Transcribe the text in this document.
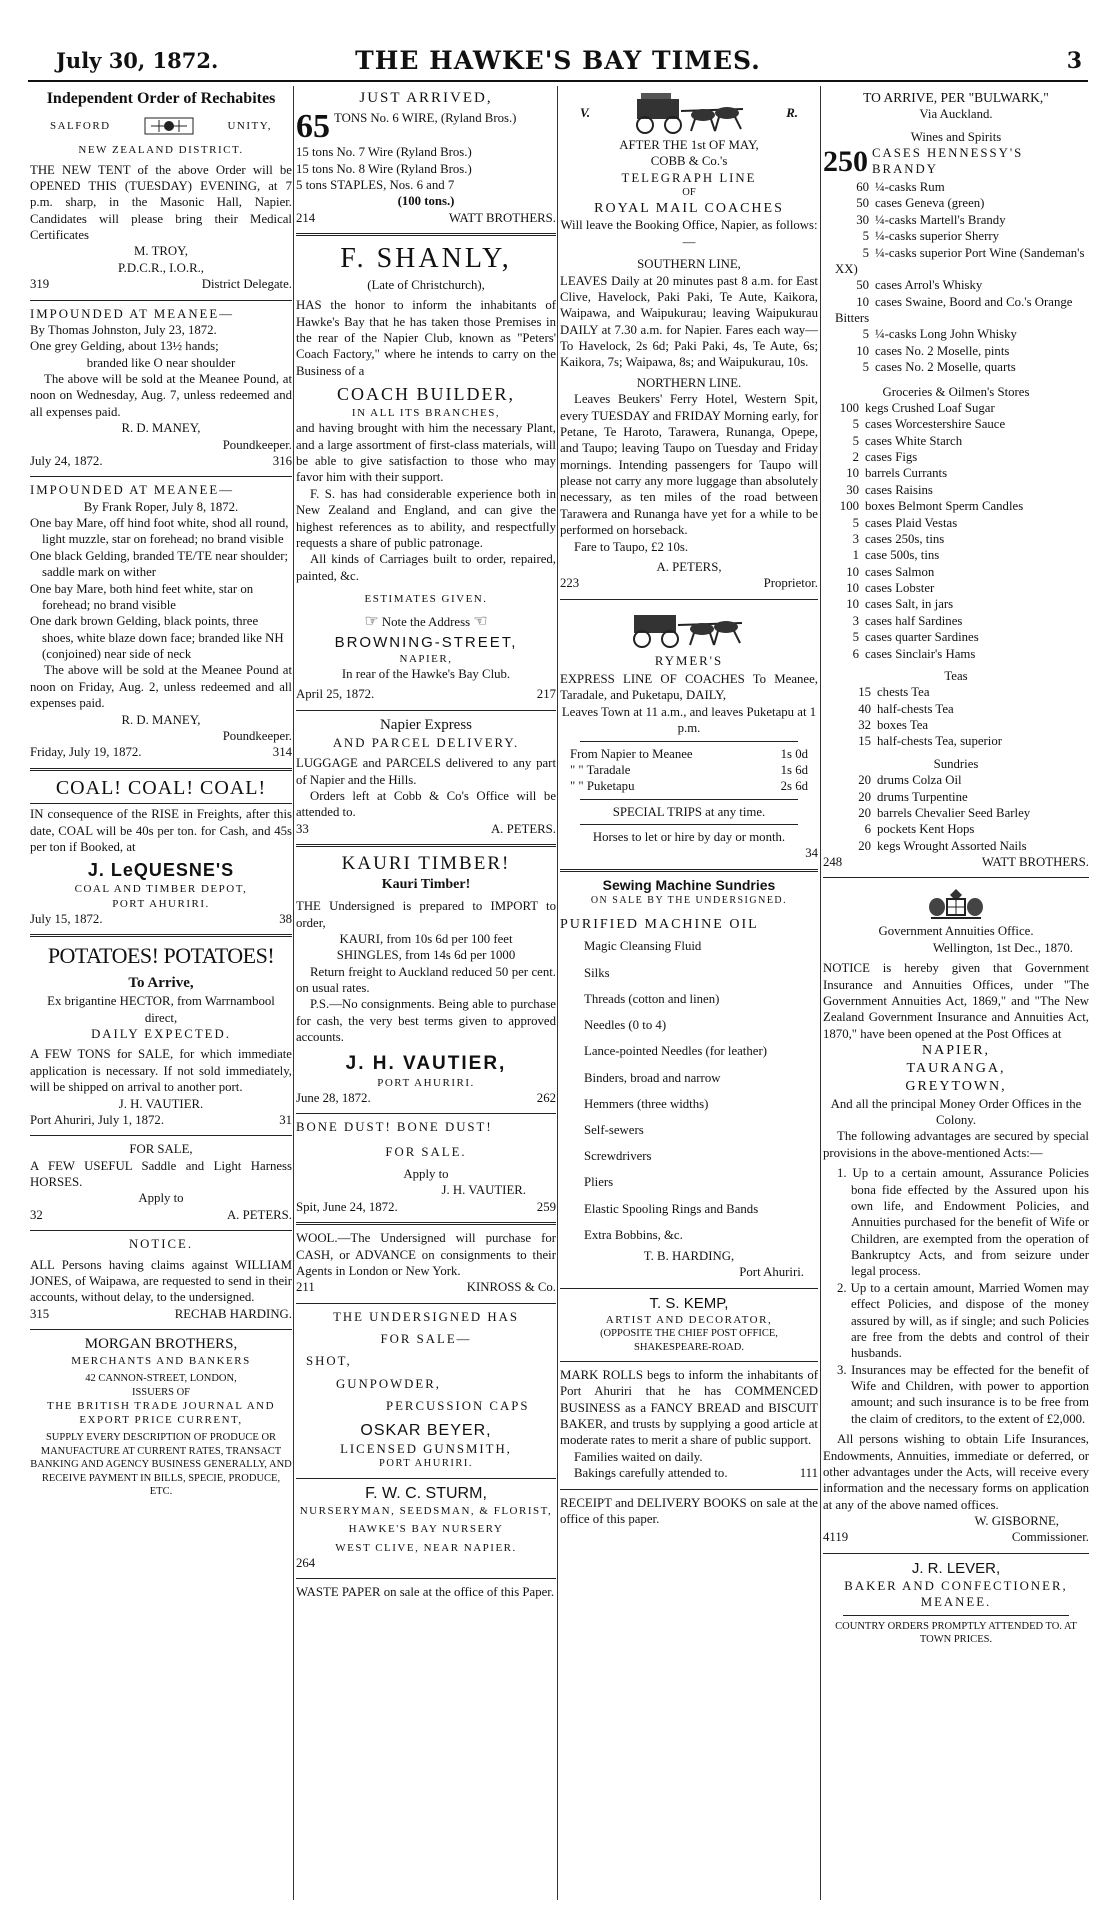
July 30, 1872.	THE HAWKE'S BAY TIMES.	3
Independent Order of Rechabites
SALFORD	UNITY,
NEW ZEALAND DISTRICT.
THE NEW TENT of the above Order will be OPENED THIS (TUESDAY) EVENING, at 7 p.m. sharp, in the Masonic Hall, Napier. Candidates will please bring their Medical Certificates
M. TROY,
P.D.C.R., I.O.R.,
319	District Delegate.
IMPOUNDED AT MEANEE—
By Thomas Johnston, July 23, 1872.
One grey Gelding, about 13½ hands;
branded like O near shoulder
The above will be sold at the Meanee Pound, at noon on Wednesday, Aug. 7, unless redeemed and all expenses paid.
R. D. MANEY,
Poundkeeper.
July 24, 1872.	316
IMPOUNDED AT MEANEE—
By Frank Roper, July 8, 1872.
One bay Mare, off hind foot white, shod all round, light muzzle, star on forehead; no brand visible
One black Gelding, branded TE/TE near shoulder; saddle mark on wither
One bay Mare, both hind feet white, star on forehead; no brand visible
One dark brown Gelding, black points, three shoes, white blaze down face; branded like NH (conjoined) near side of neck
The above will be sold at the Meanee Pound at noon on Friday, Aug. 2, unless redeemed and all expenses paid.
R. D. MANEY,
Poundkeeper.
Friday, July 19, 1872.	314
COAL! COAL! COAL!
IN consequence of the RISE in Freights, after this date, COAL will be 40s per ton. for Cash, and 45s per ton if Booked, at
J. LeQUESNE'S
COAL AND TIMBER DEPOT,
PORT AHURIRI.
July 15, 1872.	38
POTATOES! POTATOES!
To Arrive,
Ex brigantine HECTOR, from Warrnambool direct,
DAILY EXPECTED.
A FEW TONS for SALE, for which immediate application is necessary. If not sold immediately, will be shipped on arrival to another port.
J. H. VAUTIER.
Port Ahuriri, July 1, 1872.	31
FOR SALE,
A FEW USEFUL Saddle and Light Harness HORSES.
Apply to
32	A. PETERS.
NOTICE.
ALL Persons having claims against WILLIAM JONES, of Waipawa, are requested to send in their accounts, without delay, to the undersigned.
315	RECHAB HARDING.
MORGAN BROTHERS,
MERCHANTS AND BANKERS
42 CANNON-STREET, LONDON,
ISSUERS OF
THE BRITISH TRADE JOURNAL AND EXPORT PRICE CURRENT,
SUPPLY EVERY DESCRIPTION OF PRODUCE OR MANUFACTURE AT CURRENT RATES, TRANSACT BANKING AND AGENCY BUSINESS GENERALLY, AND RECEIVE PAYMENT IN BILLS, SPECIE, PRODUCE, ETC.
JUST ARRIVED,
65 TONS No. 6 WIRE, (Ryland Bros.)
15 tons No. 7 Wire (Ryland Bros.)
15 tons No. 8 Wire (Ryland Bros.)
5 tons STAPLES, Nos. 6 and 7
(100 tons.)
214	WATT BROTHERS.
F. SHANLY,
(Late of Christchurch),
HAS the honor to inform the inhabitants of Hawke's Bay that he has taken those Premises in the rear of the Napier Club, known as "Peters' Coach Factory," where he intends to carry on the Business of a
COACH BUILDER,
IN ALL ITS BRANCHES,
and having brought with him the necessary Plant, and a large assortment of first-class materials, will be able to give satisfaction to those who may favor him with their support.
F. S. has had considerable experience both in New Zealand and England, and can give the highest references as to ability, and respectfully requests a share of public patronage.
All kinds of Carriages built to order, repaired, painted, &c.
ESTIMATES GIVEN.
☞ Note the Address ☜
BROWNING-STREET,
NAPIER,
In rear of the Hawke's Bay Club.
April 25, 1872.	217
Napier Express
AND PARCEL DELIVERY.
LUGGAGE and PARCELS delivered to any part of Napier and the Hills.
Orders left at Cobb & Co's Office will be attended to.
33	A. PETERS.
KAURI TIMBER!
Kauri Timber!
THE Undersigned is prepared to IMPORT to order,
KAURI, from 10s 6d per 100 feet
SHINGLES, from 14s 6d per 1000
Return freight to Auckland reduced 50 per cent. on usual rates.
P.S.—No consignments. Being able to purchase for cash, the very best terms given to approved accounts.
J. H. VAUTIER,
PORT AHURIRI.
June 28, 1872.	262
BONE DUST! BONE DUST!
FOR SALE.
Apply to
J. H. VAUTIER.
Spit, June 24, 1872.	259
WOOL.—The Undersigned will purchase for CASH, or ADVANCE on consignments to their Agents in London or New York.
211	KINROSS & Co.
THE UNDERSIGNED HAS
FOR SALE—
SHOT,
GUNPOWDER,
PERCUSSION CAPS
OSKAR BEYER,
LICENSED GUNSMITH,
PORT AHURIRI.
F. W. C. STURM,
NURSERYMAN, SEEDSMAN, & FLORIST,
HAWKE'S BAY NURSERY
WEST CLIVE, NEAR NAPIER.
264
WASTE PAPER on sale at the office of this Paper.
V.	R.
AFTER THE 1st OF MAY,
COBB & Co.'s
TELEGRAPH LINE
OF
ROYAL MAIL COACHES
Will leave the Booking Office, Napier, as follows:—
SOUTHERN LINE,
LEAVES Daily at 20 minutes past 8 a.m. for East Clive, Havelock, Paki Paki, Te Aute, Kaikora, Waipawa, and Waipukurau; leaving Waipukurau DAILY at 7.30 a.m. for Napier. Fares each way—To Havelock, 2s 6d; Paki Paki, 4s, Te Aute, 6s; Kaikora, 7s; Waipawa, 8s; and Waipukurau, 10s.
NORTHERN LINE.
Leaves Beukers' Ferry Hotel, Western Spit, every TUESDAY and FRIDAY Morning early, for Petane, Te Haroto, Tarawera, Runanga, Opepe, and Taupo; leaving Taupo on Tuesday and Friday mornings. Intending passengers for Taupo will please not carry any more luggage than absolutely necessary, as ten miles of the road between Tarawera and Runanga have yet for a while to be performed on horseback.
Fare to Taupo, £2 10s.
A. PETERS,
223	Proprietor.
RYMER'S
EXPRESS LINE OF COACHES To Meanee, Taradale, and Puketapu, DAILY,
Leaves Town at 11 a.m., and leaves Puketapu at 1 p.m.
From Napier to Meanee	1s 0d
" " Taradale	1s 6d
" " Puketapu	2s 6d
SPECIAL TRIPS at any time.
Horses to let or hire by day or month.
34
Sewing Machine Sundries
ON SALE BY THE UNDERSIGNED.
PURIFIED MACHINE OIL

Magic Cleansing Fluid

Silks

Threads (cotton and linen)

Needles (0 to 4)

Lance-pointed Needles (for leather)

Binders, broad and narrow

Hemmers (three widths)

Self-sewers

Screwdrivers

Pliers

Elastic Spooling Rings and Bands

Extra Bobbins, &c.

T. B. HARDING,
Port Ahuriri.
T. S. KEMP,
ARTIST AND DECORATOR,
(OPPOSITE THE CHIEF POST OFFICE, SHAKESPEARE-ROAD.
MARK ROLLS begs to inform the inhabitants of Port Ahuriri that he has COMMENCED BUSINESS as a FANCY BREAD and BISCUIT BAKER, and trusts by supplying a good article at moderate rates to merit a share of public support.
Families waited on daily.
Bakings carefully attended to.	111
RECEIPT and DELIVERY BOOKS on sale at the office of this paper.
TO ARRIVE, PER "BULWARK,"
Via Auckland.
Wines and Spirits
250 CASES HENNESSY'S BRANDY

60 ¼-casks Rum

50 cases Geneva (green)

30 ¼-casks Martell's Brandy

5 ¼-casks superior Sherry

5 ¼-casks superior Port Wine (Sandeman's XX)

50 cases Arrol's Whisky

10 cases Swaine, Boord and Co.'s Orange Bitters

5 ¼-casks Long John Whisky

10 cases No. 2 Moselle, pints

5 cases No. 2 Moselle, quarts

Groceries & Oilmen's Stores

100 kegs Crushed Loaf Sugar

5 cases Worcestershire Sauce

5 cases White Starch

2 cases Figs

10 barrels Currants

30 cases Raisins

100 boxes Belmont Sperm Candles

5 cases Plaid Vestas

3 cases 250s, tins

1 case 500s, tins

10 cases Salmon

10 cases Lobster

10 cases Salt, in jars

3 cases half Sardines

5 cases quarter Sardines

6 cases Sinclair's Hams

Teas

15 chests Tea

40 half-chests Tea

32 boxes Tea

15 half-chests Tea, superior

Sundries

20 drums Colza Oil

20 drums Turpentine

20 barrels Chevalier Seed Barley

6 pockets Kent Hops

20 kegs Wrought Assorted Nails

248	WATT BROTHERS.
Government Annuities Office.
Wellington, 1st Dec., 1870.
NOTICE is hereby given that Government Insurance and Annuities Offices, under "The Government Annuities Act, 1869," and "The New Zealand Government Insurance and Annuities Act, 1870," have been opened at the Post Offices at
NAPIER,
TAURANGA,
GREYTOWN,
And all the principal Money Order Offices in the Colony.
The following advantages are secured by special provisions in the above-mentioned Acts:—
1. Up to a certain amount, Assurance Policies bona fide effected by the Assured upon his own life, and Endowment Policies, and Annuities purchased for the benefit of Wife or Children, are exempted from the operation of Bankruptcy Acts, and from seizure under legal process.
2. Up to a certain amount, Married Women may effect Policies, and dispose of the money assured by will, as if single; and such Policies are free from the debts and control of their husbands.
3. Insurances may be effected for the benefit of Wife and Children, with power to apportion amount; and such insurance is to be free from the claim of creditors, to the extent of £2,000.
All persons wishing to obtain Life Insurances, Endowments, Annuities, immediate or deferred, or other advantages under the Acts, will receive every information and the necessary forms on application at any of the above named offices.
W. GISBORNE,
4119	Commissioner.
J. R. LEVER,
BAKER AND CONFECTIONER,
MEANEE.
COUNTRY ORDERS PROMPTLY ATTENDED TO. AT TOWN PRICES.
